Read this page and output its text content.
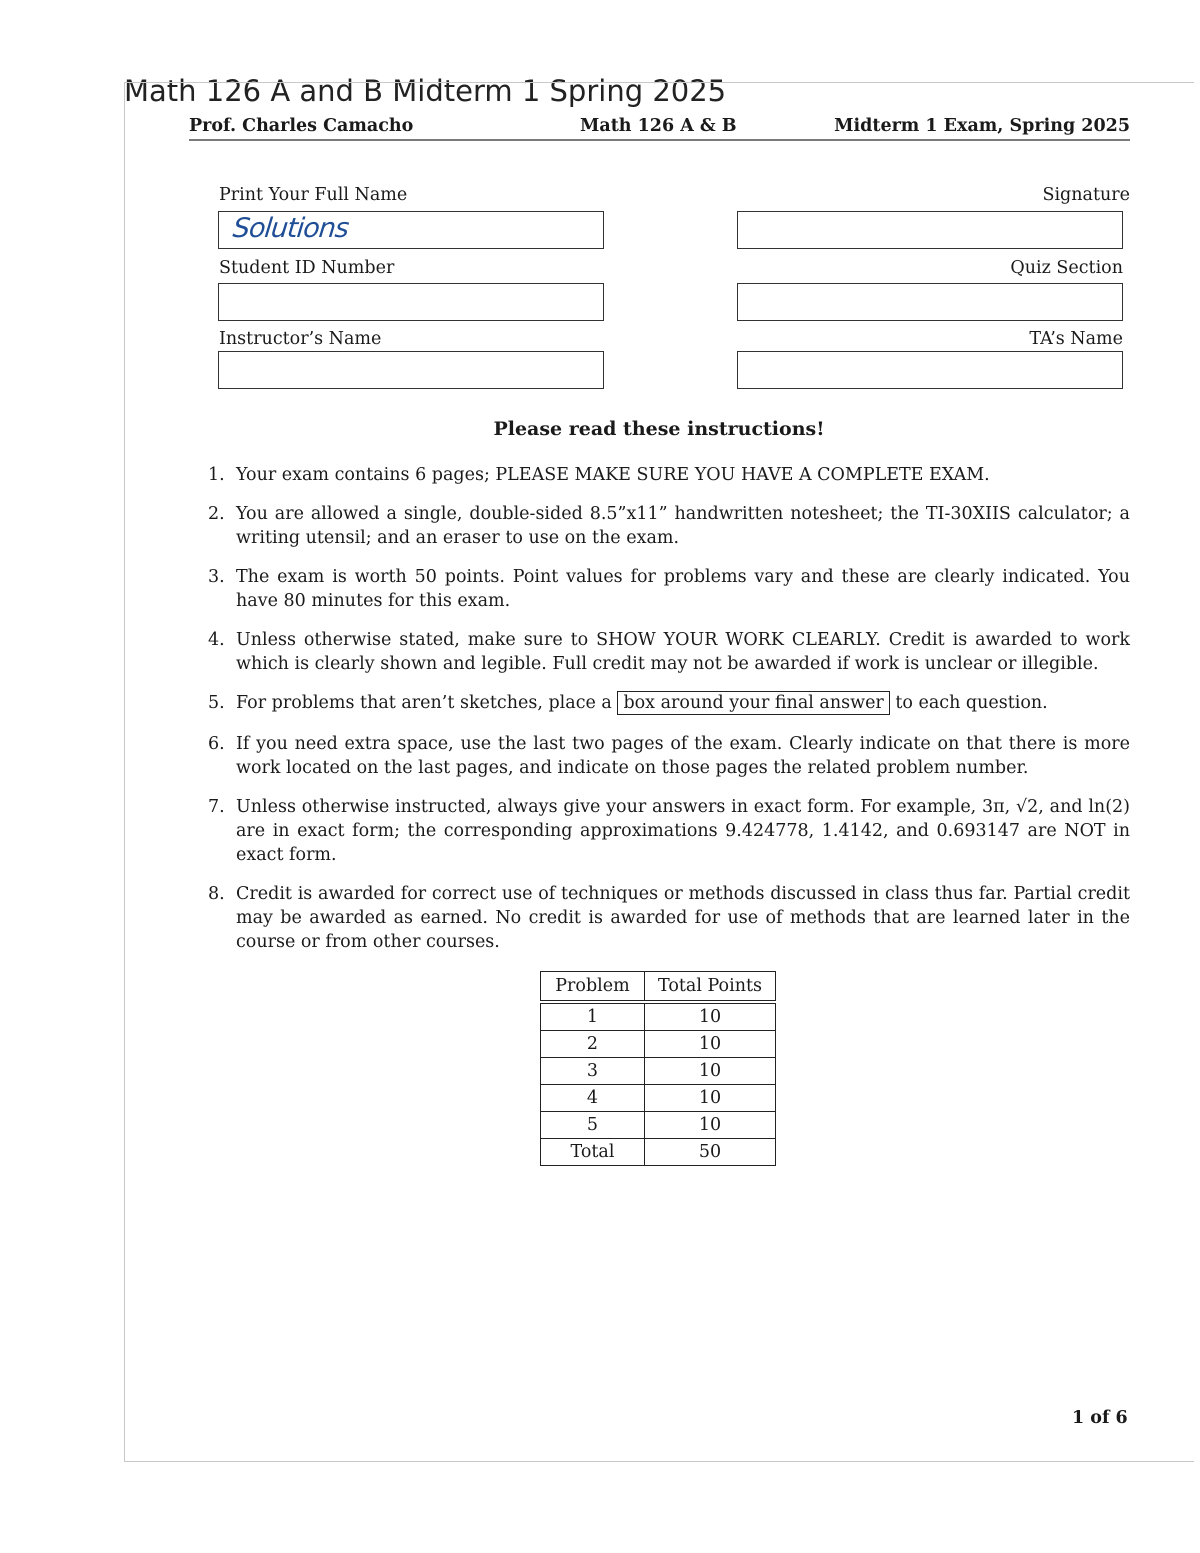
Math 126 A and B Midterm 1 Spring 2025
Prof. Charles Camacho	Math 126 A & B	Midterm 1 Exam, Spring 2025
Print Your Full Name
Solutions
Signature
Student ID Number	Quiz Section
Instructor’s Name	TA’s Name
Please read these instructions!
1. Your exam contains 6 pages; PLEASE MAKE SURE YOU HAVE A COMPLETE EXAM.
2. You are allowed a single, double-sided 8.5”x11” handwritten notesheet; the TI-30XIIS calculator; a writing utensil; and an eraser to use on the exam.
3. The exam is worth 50 points. Point values for problems vary and these are clearly indicated. You have 80 minutes for this exam.
4. Unless otherwise stated, make sure to SHOW YOUR WORK CLEARLY. Credit is awarded to work which is clearly shown and legible. Full credit may not be awarded if work is unclear or illegible.
5. For problems that aren’t sketches, place a box around your final answer to each question.
6. If you need extra space, use the last two pages of the exam. Clearly indicate on that there is more work located on the last pages, and indicate on those pages the related problem number.
7. Unless otherwise instructed, always give your answers in exact form. For example, 3π, √2, and ln(2) are in exact form; the corresponding approximations 9.424778, 1.4142, and 0.693147 are NOT in exact form.
8. Credit is awarded for correct use of techniques or methods discussed in class thus far. Partial credit may be awarded as earned. No credit is awarded for use of methods that are learned later in the course or from other courses.
Problem	Total Points
1	10
2	10
3	10
4	10
5	10
Total	50
1 of 6
